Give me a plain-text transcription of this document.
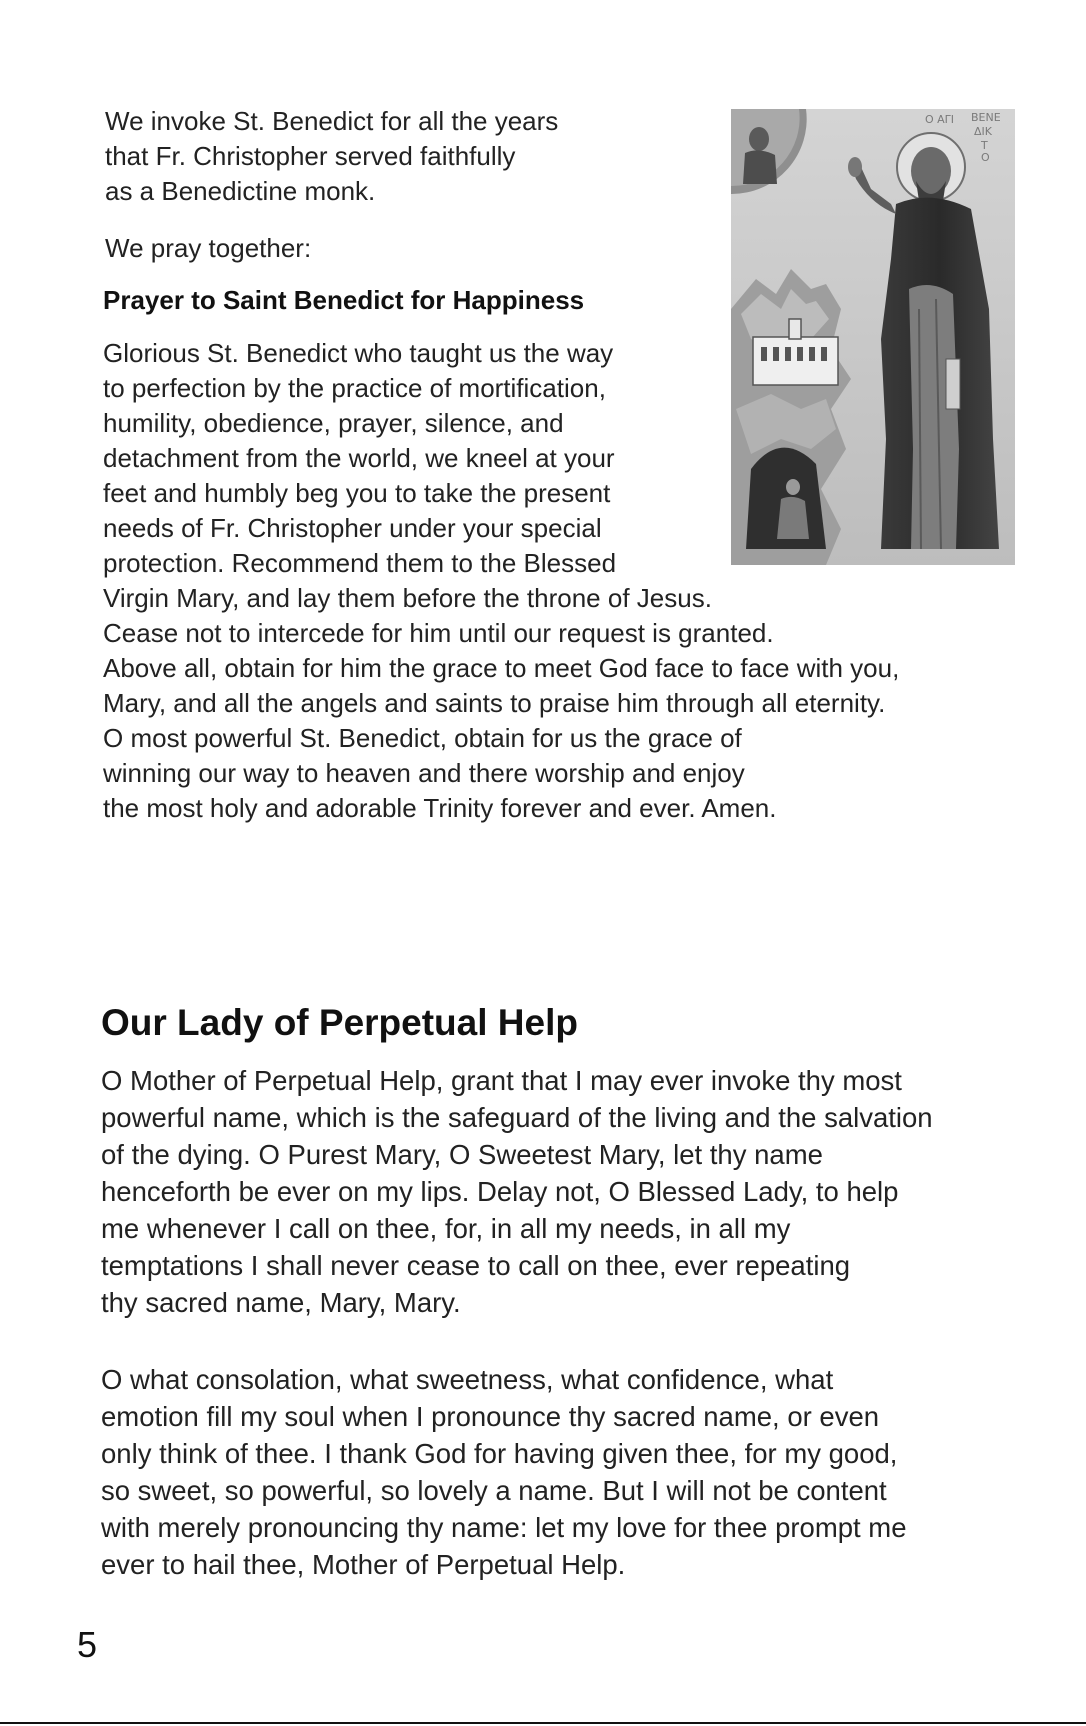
We invoke St. Benedict for all the years
that Fr. Christopher served faithfully
as a Benedictine monk.
We pray together:
Prayer to Saint Benedict for Happiness
Glorious St. Benedict who taught us the way
to perfection by the practice of mortification,
humility, obedience, prayer, silence, and
detachment from the world, we kneel at your
feet and humbly beg you to take the present
needs of Fr. Christopher under your special
protection. Recommend them to the Blessed
Virgin Mary, and lay them before the throne of Jesus.
Cease not to intercede for him until our request is granted.
Above all, obtain for him the grace to meet God face to face with you,
Mary, and all the angels and saints to praise him through all eternity.
O most powerful St. Benedict, obtain for us the grace of
winning our way to heaven and there worship and enjoy
the most holy and adorable Trinity forever and ever. Amen.
O ΑΓΙ ΒΕΝΕ
ΔΙΚ
Τ
Ο
Our Lady of Perpetual Help
O Mother of Perpetual Help, grant that I may ever invoke thy most
powerful name, which is the safeguard of the living and the salvation
of the dying. O Purest Mary, O Sweetest Mary, let thy name
henceforth be ever on my lips. Delay not, O Blessed Lady, to help
me whenever I call on thee, for, in all my needs, in all my
temptations I shall never cease to call on thee, ever repeating
thy sacred name, Mary, Mary.
O what consolation, what sweetness, what confidence, what
emotion fill my soul when I pronounce thy sacred name, or even
only think of thee. I thank God for having given thee, for my good,
so sweet, so powerful, so lovely a name. But I will not be content
with merely pronouncing thy name: let my love for thee prompt me
ever to hail thee, Mother of Perpetual Help.
5
